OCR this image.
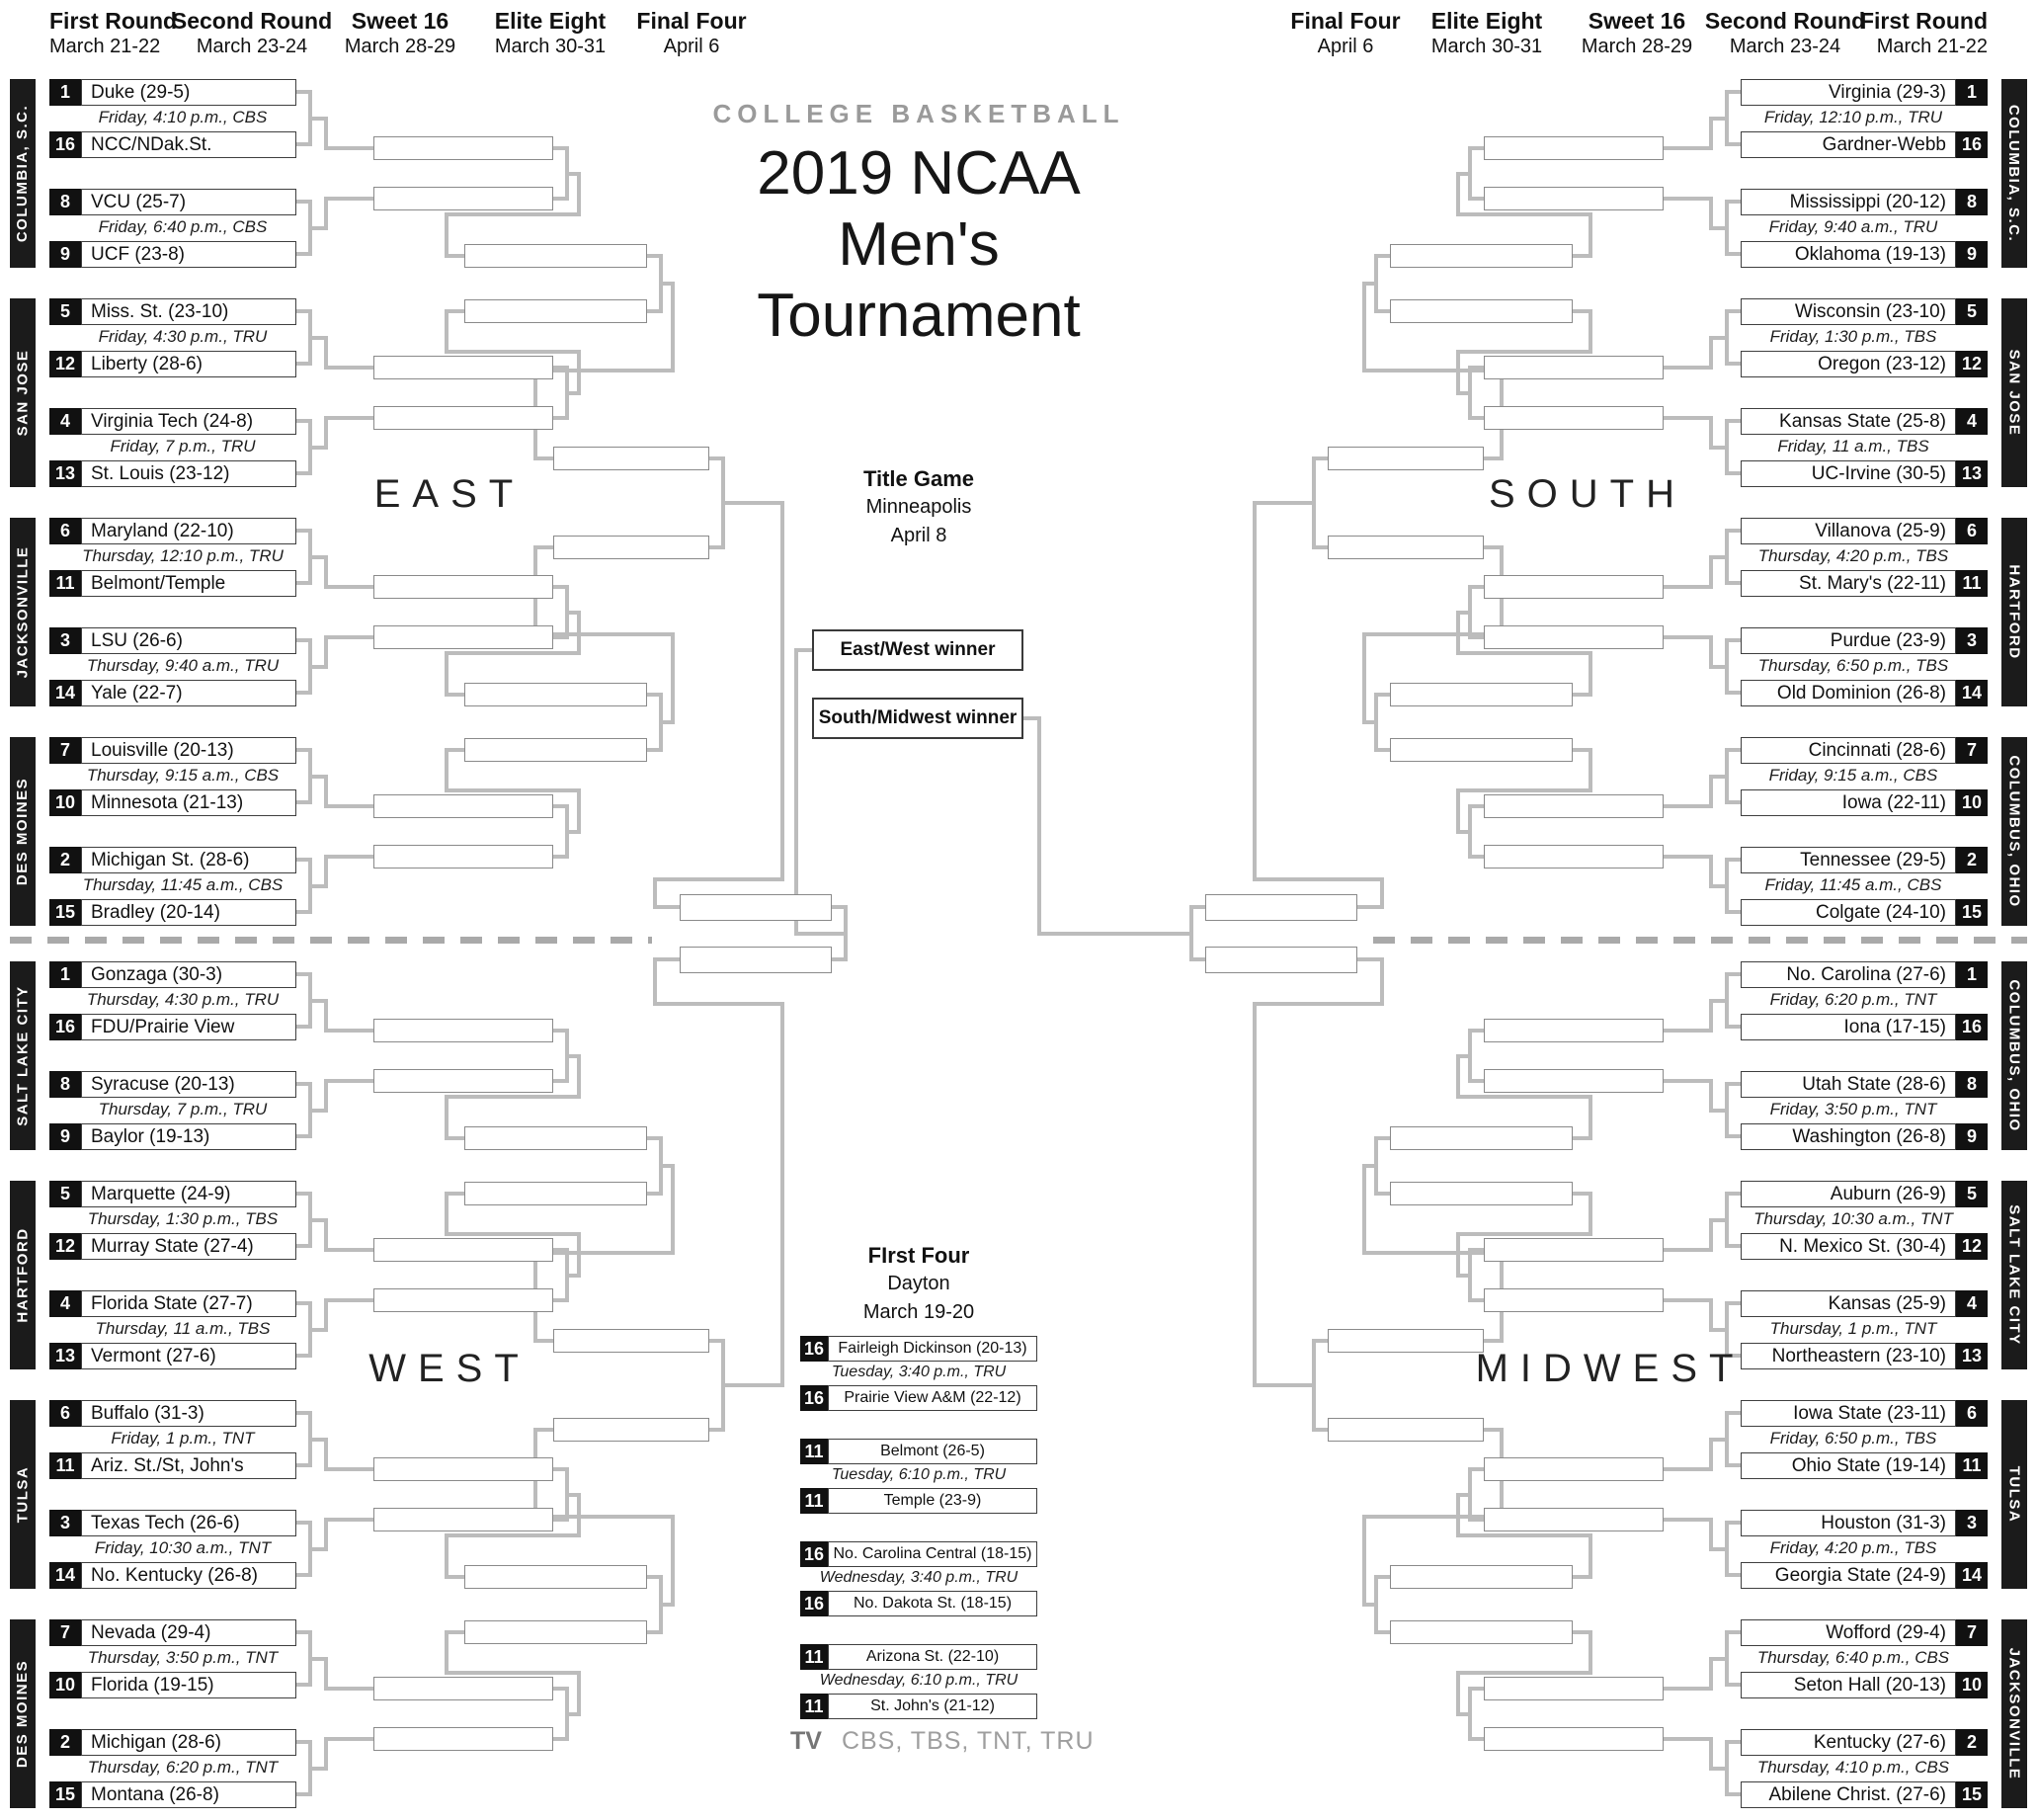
COLLEGE BASKETBALL
2019 NCAA
Men's
Tournament
Title Game
Minneapolis
April 8
East/West winner
South/Midwest winner
FIrst Four
Dayton
March 19-20
TV CBS, TBS, TNT, TRU
First Round
March 21-22
Second Round
March 23-24
Sweet 16
March 28-29
Elite Eight
March 30-31
Final Four
April 6
Final Four
April 6
Elite Eight
March 30-31
Sweet 16
March 28-29
Second Round
March 23-24
First Round
March 21-22
1	Duke (29-5)
16 NCC/NDak.St.
Friday, 4:10 p.m., CBS
8	VCU (25-7)
9	UCF (23-8)
Friday, 6:40 p.m., CBS
5	Miss. St. (23-10)
12 Liberty (28-6)
Friday, 4:30 p.m., TRU
4	Virginia Tech (24-8)
13 St. Louis (23-12)
Friday, 7 p.m., TRU
6	Maryland (22-10)
11 Belmont/Temple
Thursday, 12:10 p.m., TRU
3	LSU (26-6)
14 Yale (22-7)
Thursday, 9:40 a.m., TRU
7	Louisville (20-13)
10 Minnesota (21-13)
Thursday, 9:15 a.m., CBS
2	Michigan St. (28-6)
15 Bradley (20-14)
Thursday, 11:45 a.m., CBS
COLUMBIA, S.C.
SAN JOSE
JACKSONVILLE
DES MOINES
EAST
1	Gonzaga (30-3)
16 FDU/Prairie View
Thursday, 4:30 p.m., TRU
8	Syracuse (20-13)
9	Baylor (19-13)
Thursday, 7 p.m., TRU
5	Marquette (24-9)
12 Murray State (27-4)
Thursday, 1:30 p.m., TBS
4	Florida State (27-7)
13 Vermont (27-6)
Thursday, 11 a.m., TBS
6	Buffalo (31-3)
11 Ariz. St./St, John's
Friday, 1 p.m., TNT
3	Texas Tech (26-6)
14 No. Kentucky (26-8)
Friday, 10:30 a.m., TNT
7	Nevada (29-4)
10 Florida (19-15)
Thursday, 3:50 p.m., TNT
2	Michigan (28-6)
15 Montana (26-8)
Thursday, 6:20 p.m., TNT
SALT LAKE CITY
HARTFORD
TULSA
DES MOINES
WEST
Virginia (29-3)	1
Gardner-Webb 16
Friday, 12:10 p.m., TRU
Mississippi (20-12)	8
Oklahoma (19-13)	9
Friday, 9:40 a.m., TRU
Wisconsin (23-10)	5
Oregon (23-12) 12
Friday, 1:30 p.m., TBS
Kansas State (25-8)	4
UC-Irvine (30-5) 13
Friday, 11 a.m., TBS
Villanova (25-9)	6
St. Mary's (22-11) 11
Thursday, 4:20 p.m., TBS
Purdue (23-9)	3
Old Dominion (26-8) 14
Thursday, 6:50 p.m., TBS
Cincinnati (28-6)	7
Iowa (22-11) 10
Friday, 9:15 a.m., CBS
Tennessee (29-5)	2
Colgate (24-10) 15
Friday, 11:45 a.m., CBS
COLUMBIA, S.C.
SAN JOSE
HARTFORD
COLUMBUS, OHIO
SOUTH
No. Carolina (27-6)	1
Iona (17-15) 16
Friday, 6:20 p.m., TNT
Utah State (28-6)	8
Washington (26-8)	9
Friday, 3:50 p.m., TNT
Auburn (26-9)	5
N. Mexico St. (30-4) 12
Thursday, 10:30 a.m., TNT
Kansas (25-9)	4
Northeastern (23-10) 13
Thursday, 1 p.m., TNT
Iowa State (23-11)	6
Ohio State (19-14) 11
Friday, 6:50 p.m., TBS
Houston (31-3)	3
Georgia State (24-9) 14
Friday, 4:20 p.m., TBS
Wofford (29-4)	7
Seton Hall (20-13) 10
Thursday, 6:40 p.m., CBS
Kentucky (27-6)	2
Abilene Christ. (27-6) 15
Thursday, 4:10 p.m., CBS
COLUMBUS, OHIO
SALT LAKE CITY
TULSA
JACKSONVILLE
MIDWEST
16 Fairleigh Dickinson (20-13)
Tuesday, 3:40 p.m., TRU
16	Prairie View A&M (22-12)
11	Belmont (26-5)
Tuesday, 6:10 p.m., TRU
11	Temple (23-9)
16 No. Carolina Central (18-15)
Wednesday, 3:40 p.m., TRU
16	No. Dakota St. (18-15)
11	Arizona St. (22-10)
Wednesday, 6:10 p.m., TRU
11	St. John's (21-12)
